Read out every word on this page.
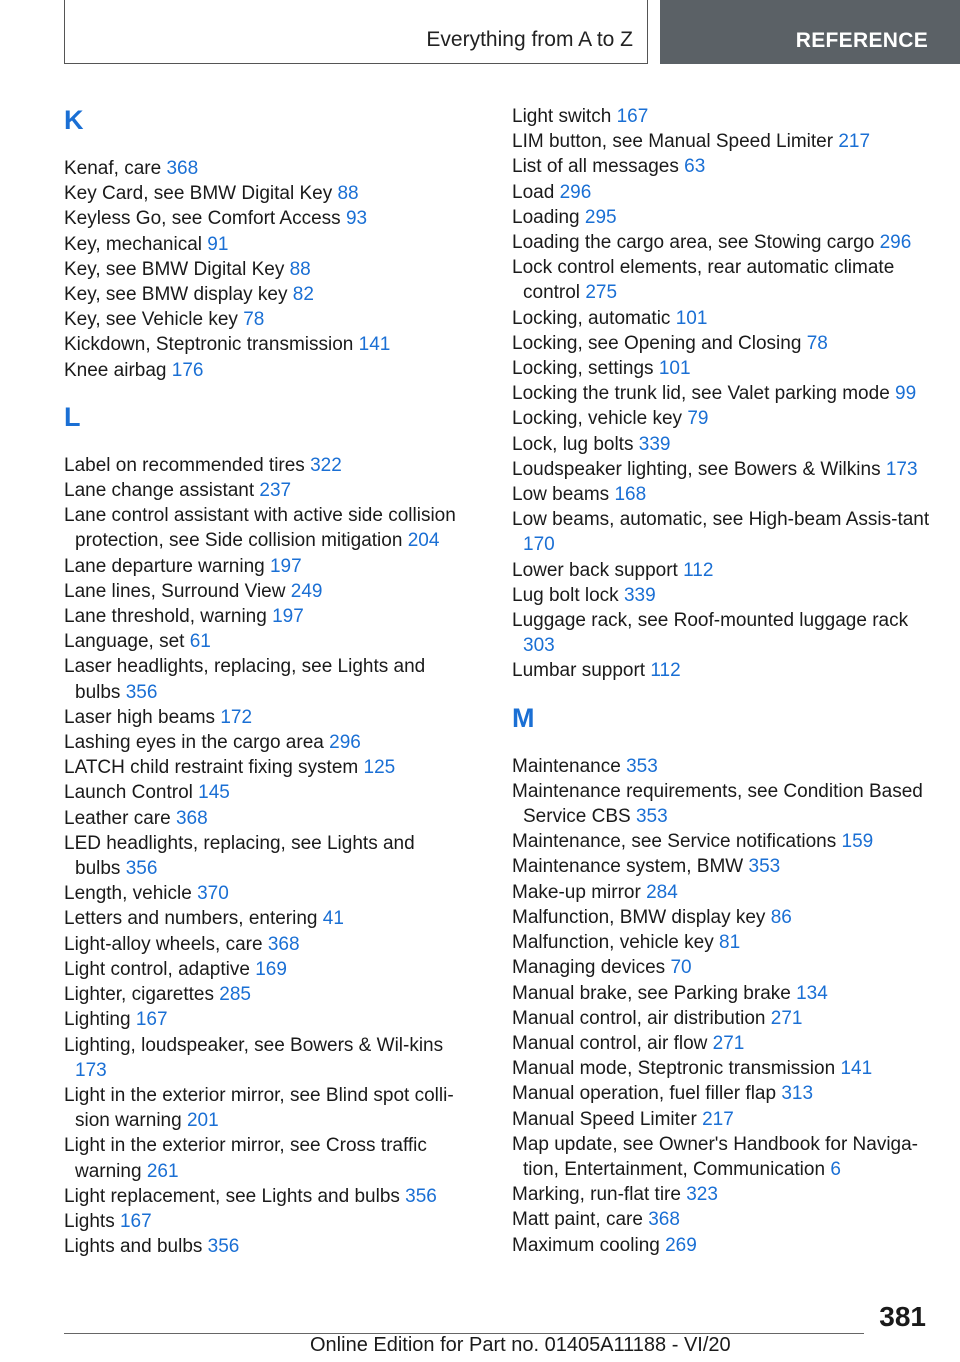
Everything from A to Z	REFERENCE

K

Kenaf, care 368

Key Card, see BMW Digital Key 88

Keyless Go, see Comfort Access 93

Key, mechanical 91

Key, see BMW Digital Key 88

Key, see BMW display key 82

Key, see Vehicle key 78

Kickdown, Steptronic transmission 141

Knee airbag 176

L

Label on recommended tires 322

Lane change assistant 237

Lane control assistant with active side collision protection, see Side collision mitigation 204

Lane departure warning 197

Lane lines, Surround View 249

Lane threshold, warning 197

Language, set 61

Laser headlights, replacing, see Lights and bulbs 356

Laser high beams 172

Lashing eyes in the cargo area 296

LATCH child restraint fixing system 125

Launch Control 145

Leather care 368

LED headlights, replacing, see Lights and bulbs 356

Length, vehicle 370

Letters and numbers, entering 41

Light-alloy wheels, care 368

Light control, adaptive 169

Lighter, cigarettes 285

Lighting 167

Lighting, loudspeaker, see Bowers & Wil‐kins 173

Light in the exterior mirror, see Blind spot colli‐sion warning 201

Light in the exterior mirror, see Cross traffic warning 261

Light replacement, see Lights and bulbs 356

Lights 167

Lights and bulbs 356

Light switch 167

LIM button, see Manual Speed Limiter 217

List of all messages 63

Load 296

Loading 295

Loading the cargo area, see Stowing cargo 296

Lock control elements, rear automatic climate control 275

Locking, automatic 101

Locking, see Opening and Closing 78

Locking, settings 101

Locking the trunk lid, see Valet parking mode 99

Locking, vehicle key 79

Lock, lug bolts 339

Loudspeaker lighting, see Bowers & Wilkins 173

Low beams 168

Low beams, automatic, see High-beam Assis‐tant 170

Lower back support 112

Lug bolt lock 339

Luggage rack, see Roof-mounted luggage rack 303

Lumbar support 112

M

Maintenance 353

Maintenance requirements, see Condition Based Service CBS 353

Maintenance, see Service notifications 159

Maintenance system, BMW 353

Make-up mirror 284

Malfunction, BMW display key 86

Malfunction, vehicle key 81

Managing devices 70

Manual brake, see Parking brake 134

Manual control, air distribution 271

Manual control, air flow 271

Manual mode, Steptronic transmission 141

Manual operation, fuel filler flap 313

Manual Speed Limiter 217

Map update, see Owner's Handbook for Naviga‐tion, Entertainment, Communication 6

Marking, run-flat tire 323

Matt paint, care 368

Maximum cooling 269

381
Online Edition for Part no. 01405A11188 - VI/20
